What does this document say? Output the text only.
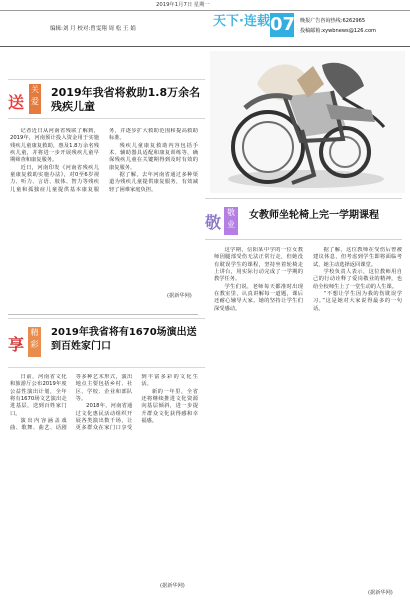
2019年1月7日 星期一
编辑:刘 月 校对:曾雯翔 周 松 王 娟	天下·连载 07 晚报广告咨询热线:6262965
投稿邮箱:xywbnews@126.com
送
关爱
2019年我省将救助1.8万余名残疾儿童

记者近日从河南省残联了解到，2019年，河南预计投入资金用于实施残疾儿童康复救助，惠及1.8万余名残疾儿童，并将进一步开展残疾儿童早期筛查和康复服务。

近日，河南印发《河南省残疾儿童康复救助实施办法》，对0至6岁视力、听力、言语、肢体、智力等残疾儿童和孤独症儿童提供基本康复服务，并逐步扩大救助范围和提高救助标准。

残疾儿童康复救助内容包括手术、辅助器具适配和康复训练等，确保残疾儿童在关键期得到及时有效的康复服务。

据了解，去年河南省通过多种渠道为残疾儿童提供康复服务，有效减轻了困难家庭负担。

(据新华网)
敬
敬业
女教师坐轮椅上完一学期课程

这学期，信阳某中学的一位女教师因腿部受伤无法正常行走，但她没有耽误学生的课程，坚持坐着轮椅走上讲台，用实际行动完成了一学期的教学任务。

学生们说，老师每天都准时出现在教室里，认真讲解每一道题，课后还耐心辅导大家。她的坚持让学生们深受感动。

据了解，这位教师在受伤后曾被建议休息，但考虑到学生即将面临考试，她主动选择返回课堂。

学校负责人表示，这位教师用自己的行动诠释了爱岗敬业的精神，也给全校师生上了一堂生动的人生课。

“不想让学生因为我的伤耽误学习。”这是她对大家说得最多的一句话。

(据新华网)
享
精彩
2019年我省将有1670场演出送到百姓家门口

日前，河南省文化和旅游厅公布2019年度公益性演出计划，全年将有1670场文艺演出走进基层，送到百姓家门口。

演出内容涵盖戏曲、歌舞、曲艺、话剧等多种艺术形式，演出地点主要包括乡村、社区、学校、企业和部队等。

2018年，河南省通过文化惠民活动组织开展各类演出数千场，让更多群众在家门口享受到丰富多彩的文化生活。

新的一年里，全省还将继续推进文化资源向基层倾斜，进一步提升群众文化获得感和幸福感。

(据新华网)
